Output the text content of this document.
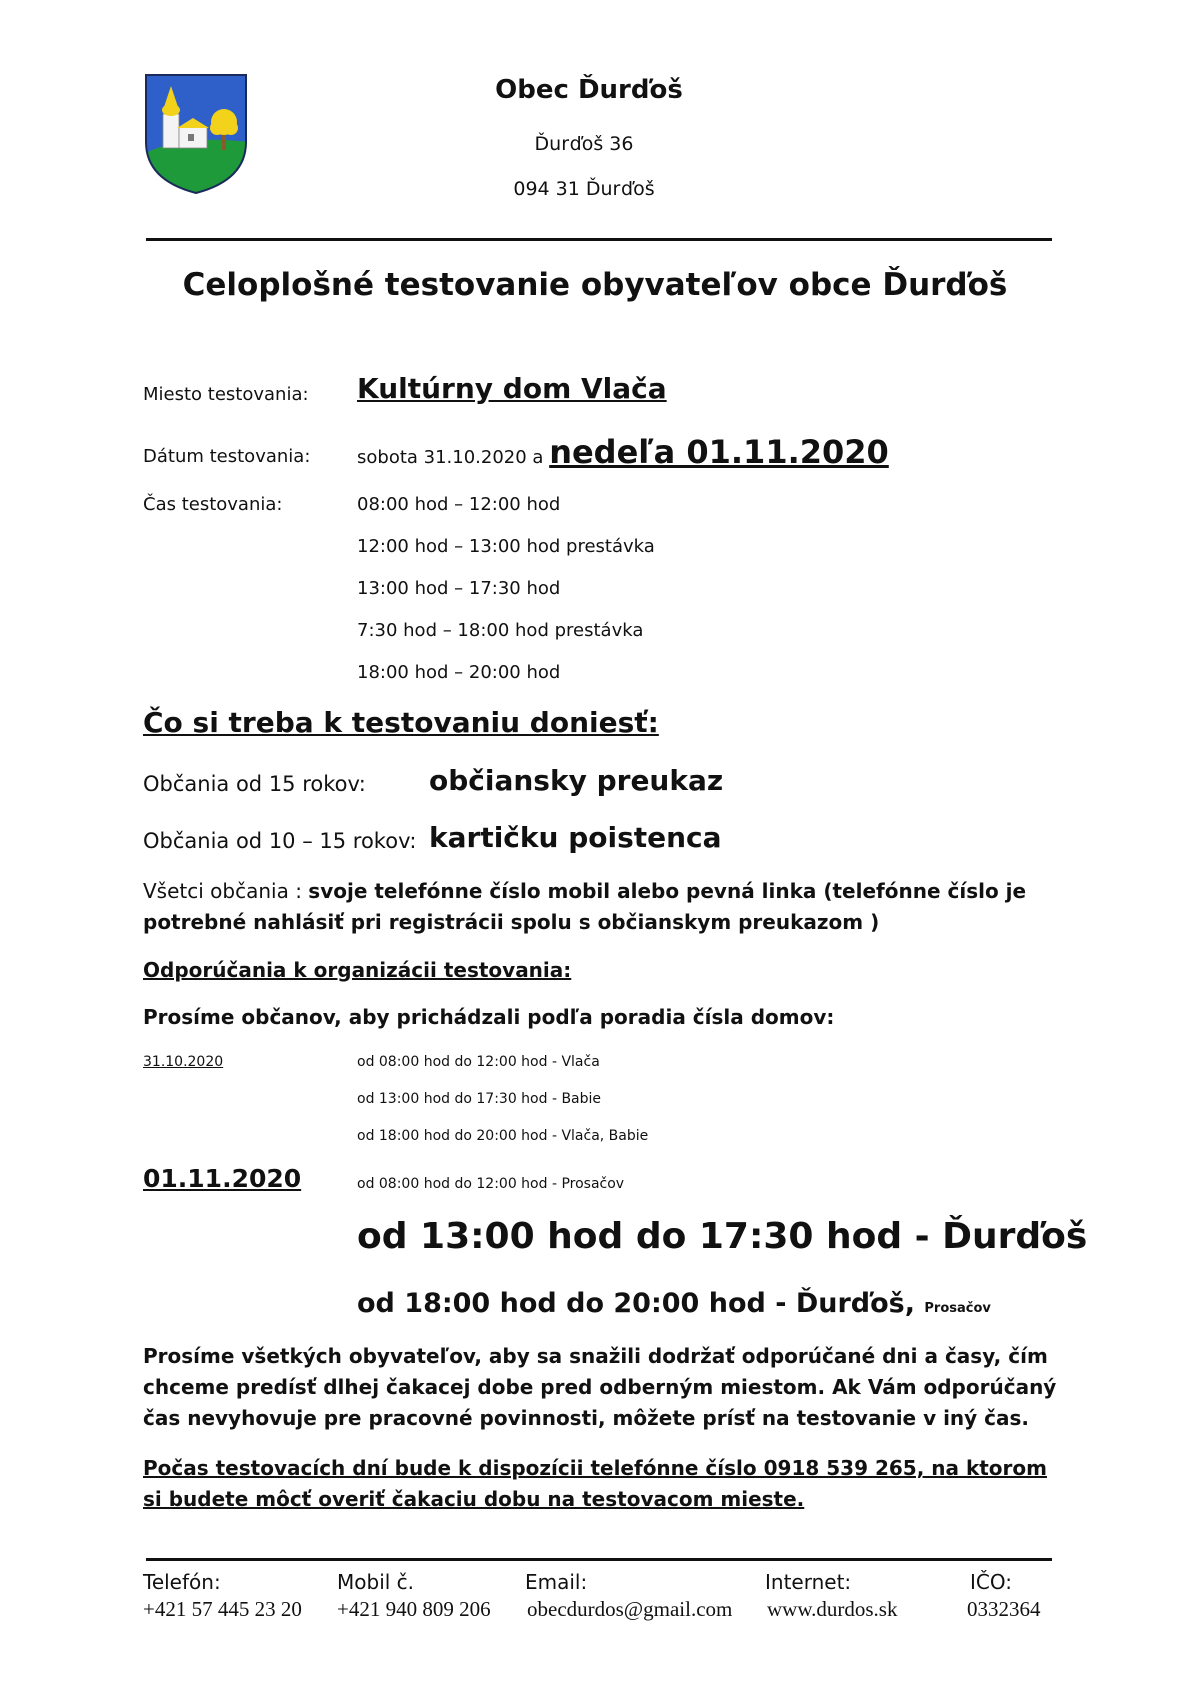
Obec Ďurďoš
Ďurďoš 36
094 31 Ďurďoš
Celoplošné testovanie obyvateľov obce Ďurďoš
Miesto testovania: Kultúrny dom Vlača
Dátum testovania:	sobota 31.10.2020 a nedeľa 01.11.2020
Čas testovania:	08:00 hod – 12:00 hod
12:00 hod – 13:00 hod prestávka
13:00 hod – 17:30 hod
7:30 hod – 18:00 hod prestávka
18:00 hod – 20:00 hod
Čo si treba k testovaniu doniesť:
Občania od 15 rokov: občiansky preukaz
Občania od 10 – 15 rokov: kartičku poistenca
Všetci občania : svoje telefónne číslo mobil alebo pevná linka (telefónne číslo je potrebné nahlásiť pri registrácii spolu s občianskym preukazom )
Odporúčania k organizácii testovania:
Prosíme občanov, aby prichádzali podľa poradia čísla domov:
31.10.2020	od 08:00 hod do 12:00 hod - Vlača
od 13:00 hod do 17:30 hod - Babie
od 18:00 hod do 20:00 hod - Vlača, Babie
01.11.2020	od 08:00 hod do 12:00 hod - Prosačov
od 13:00 hod do 17:30 hod - Ďurďoš
od 18:00 hod do 20:00 hod - Ďurďoš, Prosačov
Prosíme všetkých obyvateľov, aby sa snažili dodržať odporúčané dni a časy, čím chceme predísť dlhej čakacej dobe pred odberným miestom. Ak Vám odporúčaný čas nevyhovuje pre pracovné povinnosti, môžete prísť na testovanie v iný čas.
Počas testovacích dní bude k dispozícii telefónne číslo 0918 539 265, na ktorom si budete môcť overiť čakaciu dobu na testovacom mieste.
Telefón:
+421 57 445 23 20
Mobil č.
+421 940 809 206
Email:
obecdurdos@gmail.com
Internet:
www.durdos.sk
IČO:
0332364
